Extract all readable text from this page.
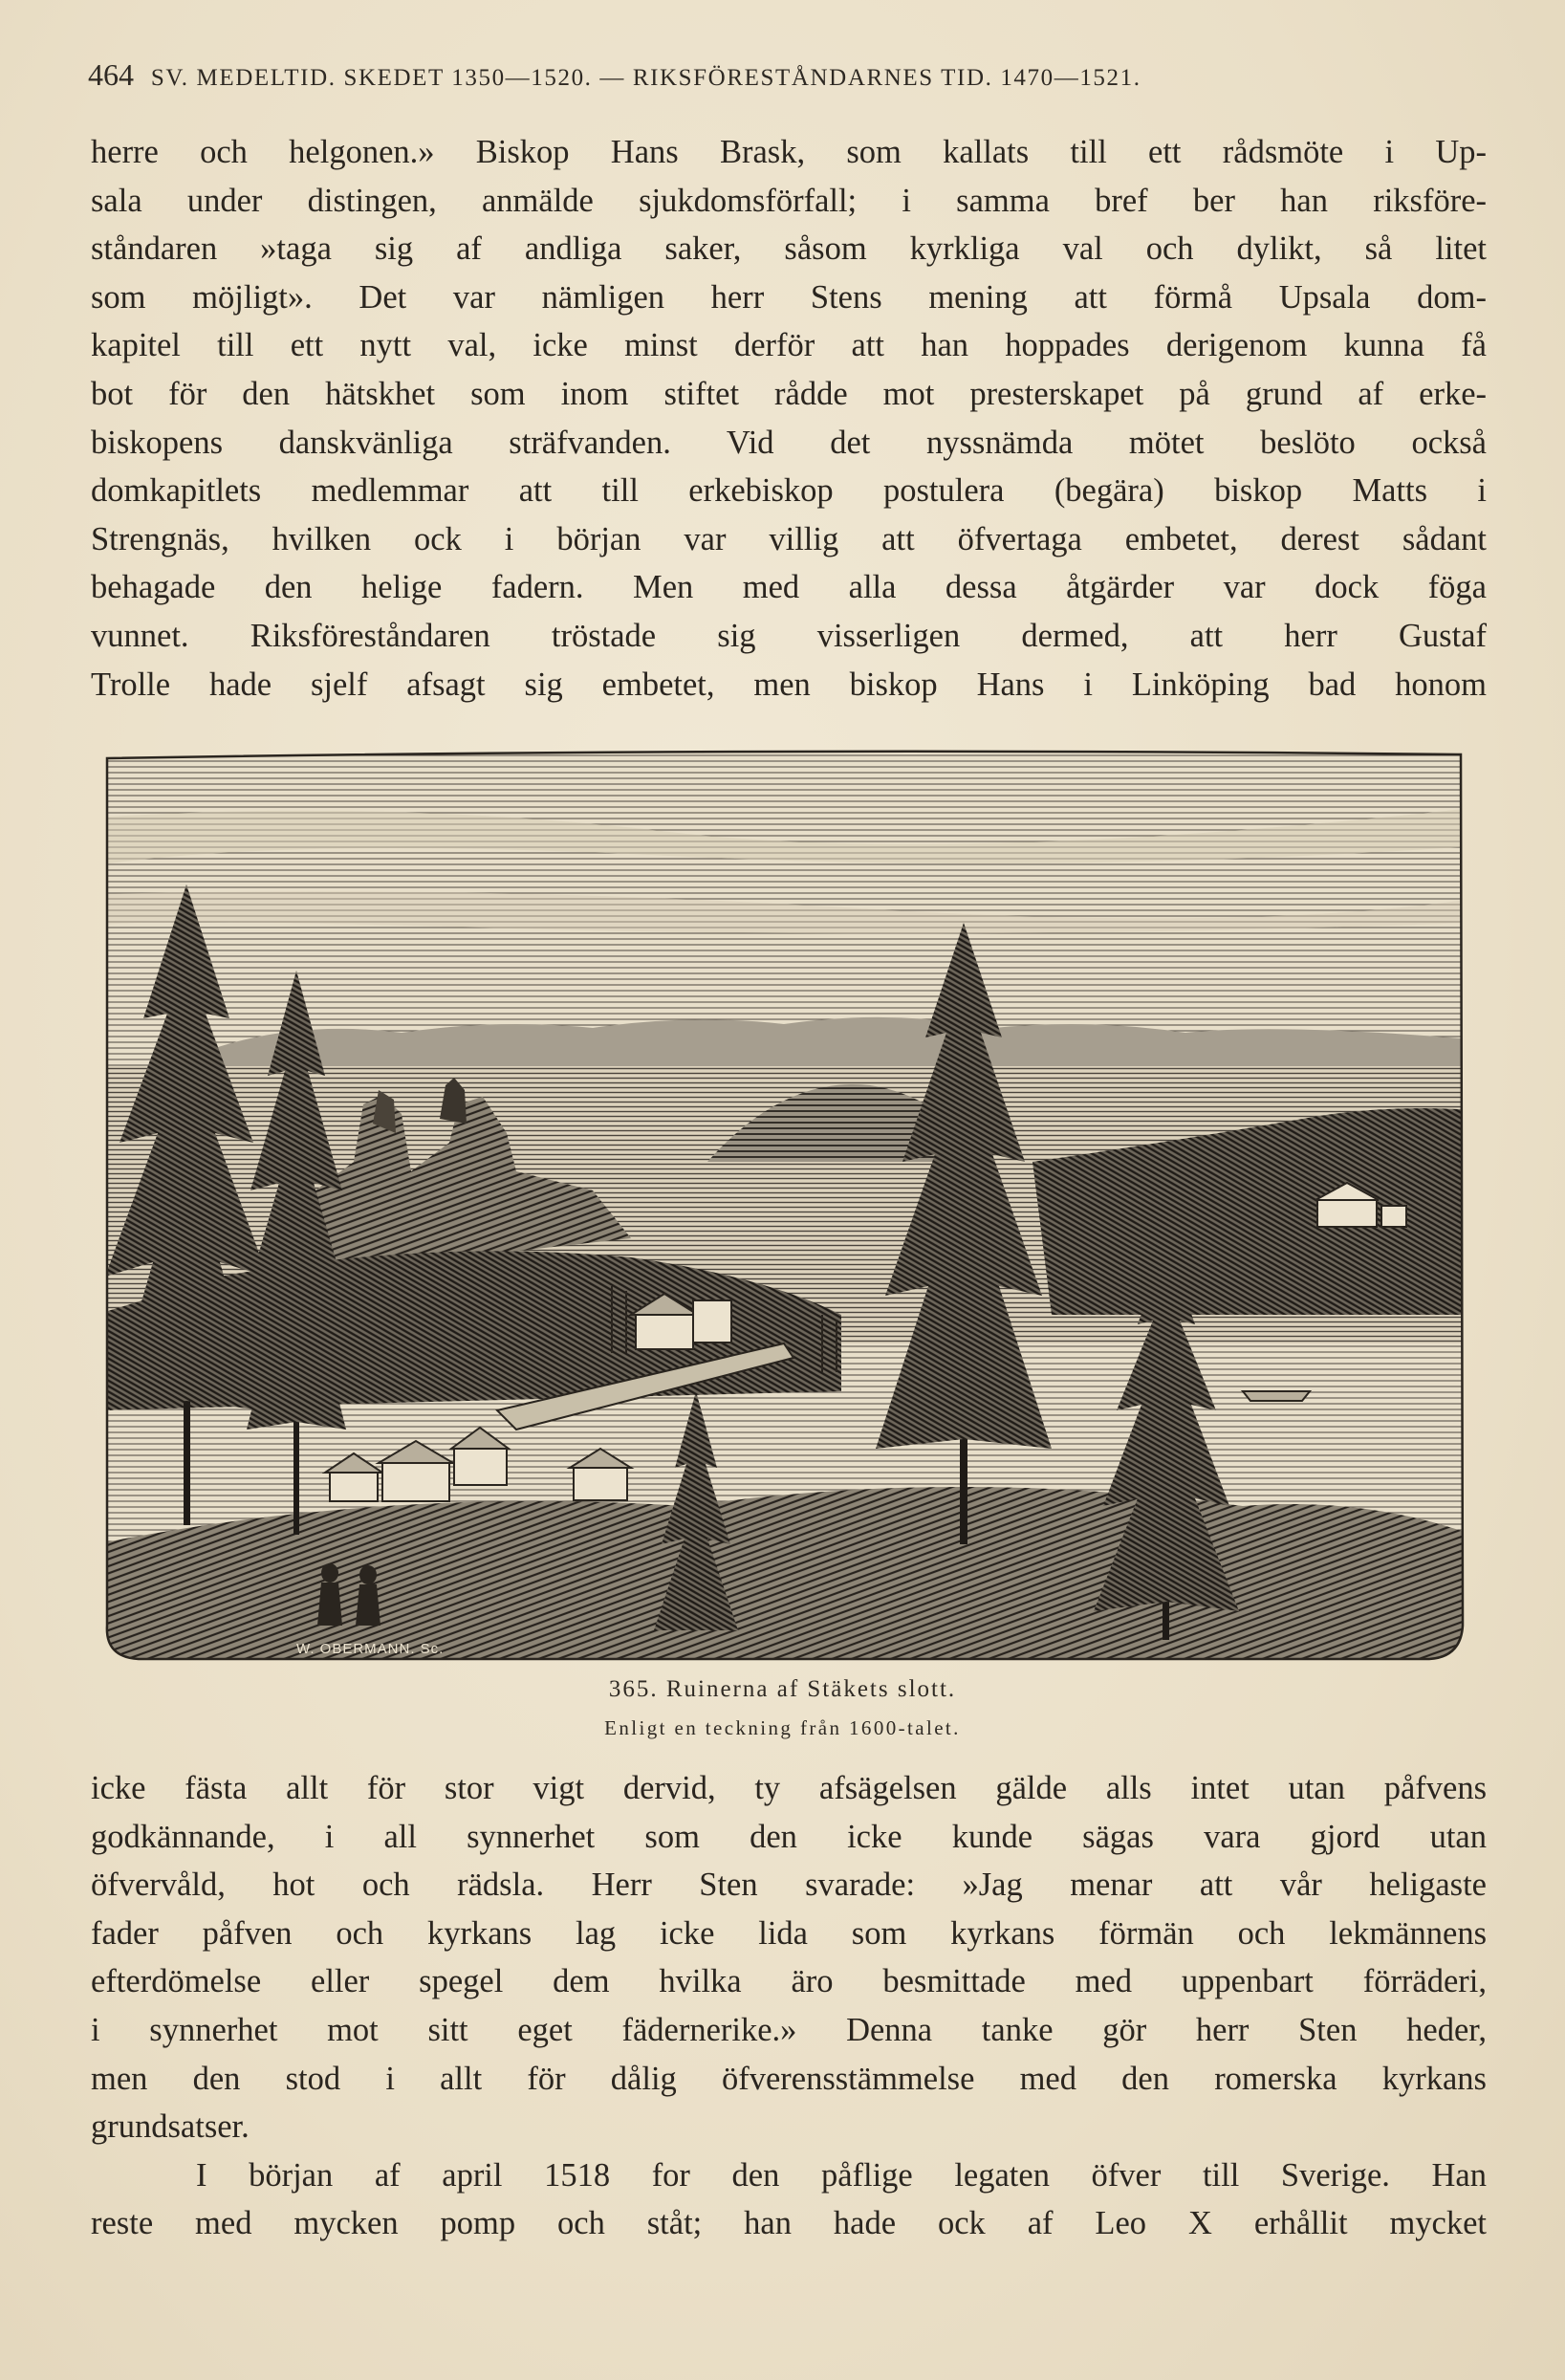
464 SV. MEDELTID. SKEDET 1350—1520. — RIKSFÖRESTÅNDARNES TID. 1470—1521.
herre och helgonen.» Biskop Hans Brask, som kallats till ett rådsmöte i Up-
sala under distingen, anmälde sjukdomsförfall; i samma bref ber han riksföre-
ståndaren »taga sig af andliga saker, såsom kyrkliga val och dylikt, så litet
som möjligt». Det var nämligen herr Stens mening att förmå Upsala dom-
kapitel till ett nytt val, icke minst derför att han hoppades derigenom kunna få
bot för den hätskhet som inom stiftet rådde mot presterskapet på grund af erke-
biskopens danskvänliga sträfvanden. Vid det nyssnämda mötet beslöto också
domkapitlets medlemmar att till erkebiskop postulera (begära) biskop Matts i
Strengnäs, hvilken ock i början var villig att öfvertaga embetet, derest sådant
behagade den helige fadern. Men med alla dessa åtgärder var dock föga
vunnet. Riksföreståndaren tröstade sig visserligen dermed, att herr Gustaf
Trolle hade sjelf afsagt sig embetet, men biskop Hans i Linköping bad honom
W. OBERMANN. Sc.
365. Ruinerna af Stäkets slott.
Enligt en teckning från 1600-talet.
icke fästa allt för stor vigt dervid, ty afsägelsen gälde alls intet utan påfvens
godkännande, i all synnerhet som den icke kunde sägas vara gjord utan
öfvervåld, hot och rädsla. Herr Sten svarade: »Jag menar att vår heligaste
fader påfven och kyrkans lag icke lida som kyrkans förmän och lekmännens
efterdömelse eller spegel dem hvilka äro besmittade med uppenbart förräderi,
i synnerhet mot sitt eget fädernerike.» Denna tanke gör herr Sten heder,
men den stod i allt för dålig öfverensstämmelse med den romerska kyrkans
grundsatser.
I början af april 1518 for den påflige legaten öfver till Sverige. Han
reste med mycken pomp och ståt; han hade ock af Leo X erhållit mycket
